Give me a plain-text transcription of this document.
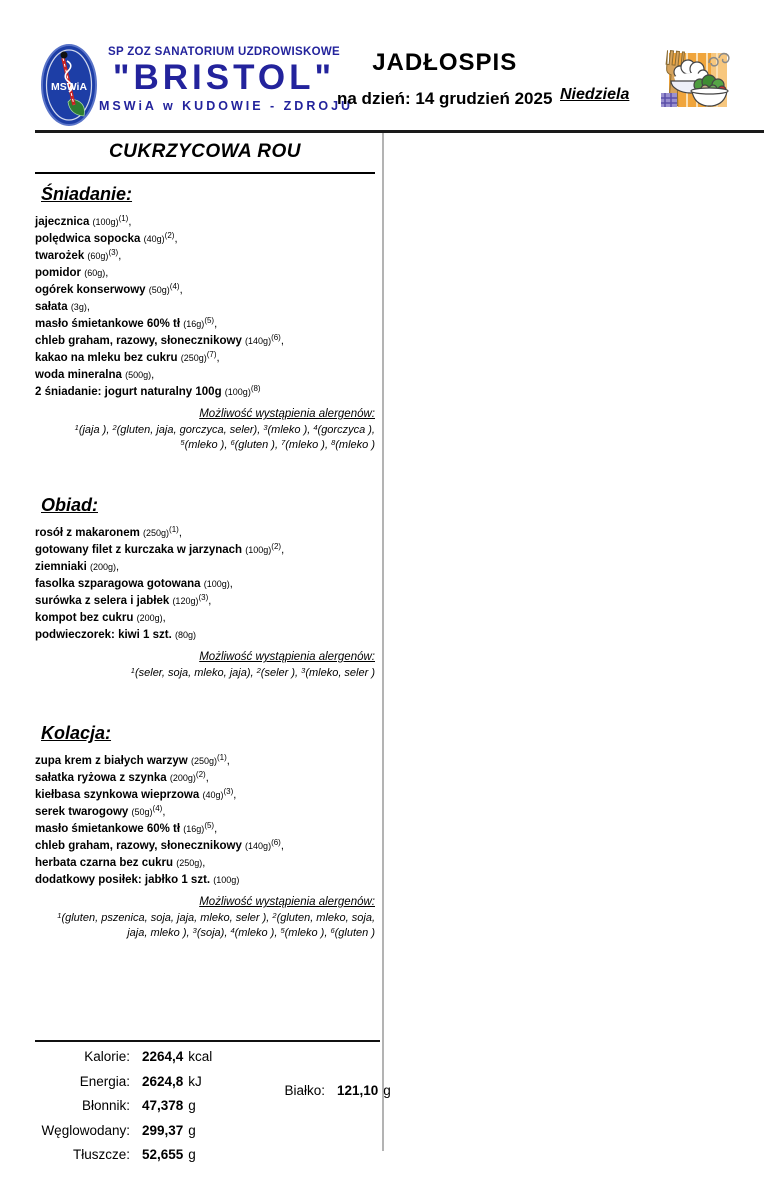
MSWiA
SP ZOZ SANATORIUM UZDROWISKOWE
"BRISTOL"
MSWiA w KUDOWIE - ZDROJU
JADŁOSPIS
na dzień: 14 grudzień 2025 Niedziela
CUKRZYCOWA ROU
Śniadanie:
jajecznica $(100g)^{(1)}$,
polędwica sopocka $(40g)^{(2)}$,
twarożek $(60g)^{(3)}$,
pomidor (60g),
ogórek konserwowy $(50g)^{(4)}$,
sałata (3g),
masło śmietankowe 60% tł $(16g)^{(5)}$,
chleb graham, razowy, słonecznikowy $(140g)^{(6)}$,
kakao na mleku bez cukru $(250g)^{(7)}$,
woda mineralna (500g),
2 śniadanie: jogurt naturalny 100g $(100g)^{(8)}$
Możliwość wystąpienia alergenów:
$^1$(jaja ), $^2$(gluten, jaja, gorczyca, seler), $^3$(mleko ), $^4$(gorczyca ), $^5$(mleko ), $^6$(gluten ), $^7$(mleko ), $^8$(mleko )
Obiad:
rosół z makaronem $(250g)^{(1)}$,
gotowany filet z kurczaka w jarzynach $(100g)^{(2)}$,
ziemniaki (200g),
fasolka szparagowa gotowana (100g),
surówka z selera i jabłek $(120g)^{(3)}$,
kompot bez cukru (200g),
podwieczorek: kiwi 1 szt. (80g)
Możliwość wystąpienia alergenów:
$^1$(seler, soja, mleko, jaja), $^2$(seler ), $^3$(mleko, seler )
Kolacja:
zupa krem z białych warzyw $(250g)^{(1)}$,
sałatka ryżowa z szynka $(200g)^{(2)}$,
kiełbasa szynkowa wieprzowa $(40g)^{(3)}$,
serek twarogowy $(50g)^{(4)}$,
masło śmietankowe 60% tł $(16g)^{(5)}$,
chleb graham, razowy, słonecznikowy $(140g)^{(6)}$,
herbata czarna bez cukru (250g),
dodatkowy posiłek: jabłko 1 szt. (100g)
Możliwość wystąpienia alergenów:
$^1$(gluten, pszenica, soja, jaja, mleko, seler ), $^2$(gluten, mleko, soja, jaja, mleko ), $^3$(soja), $^4$(mleko ), $^5$(mleko ), $^6$(gluten )
Kalorie: 2264,4 kcal
Energia: 2624,8 kJ
Błonnik: 47,378 g
Węglowodany: 299,37 g
Tłuszcze: 52,655 g
Białko: 121,10 g
